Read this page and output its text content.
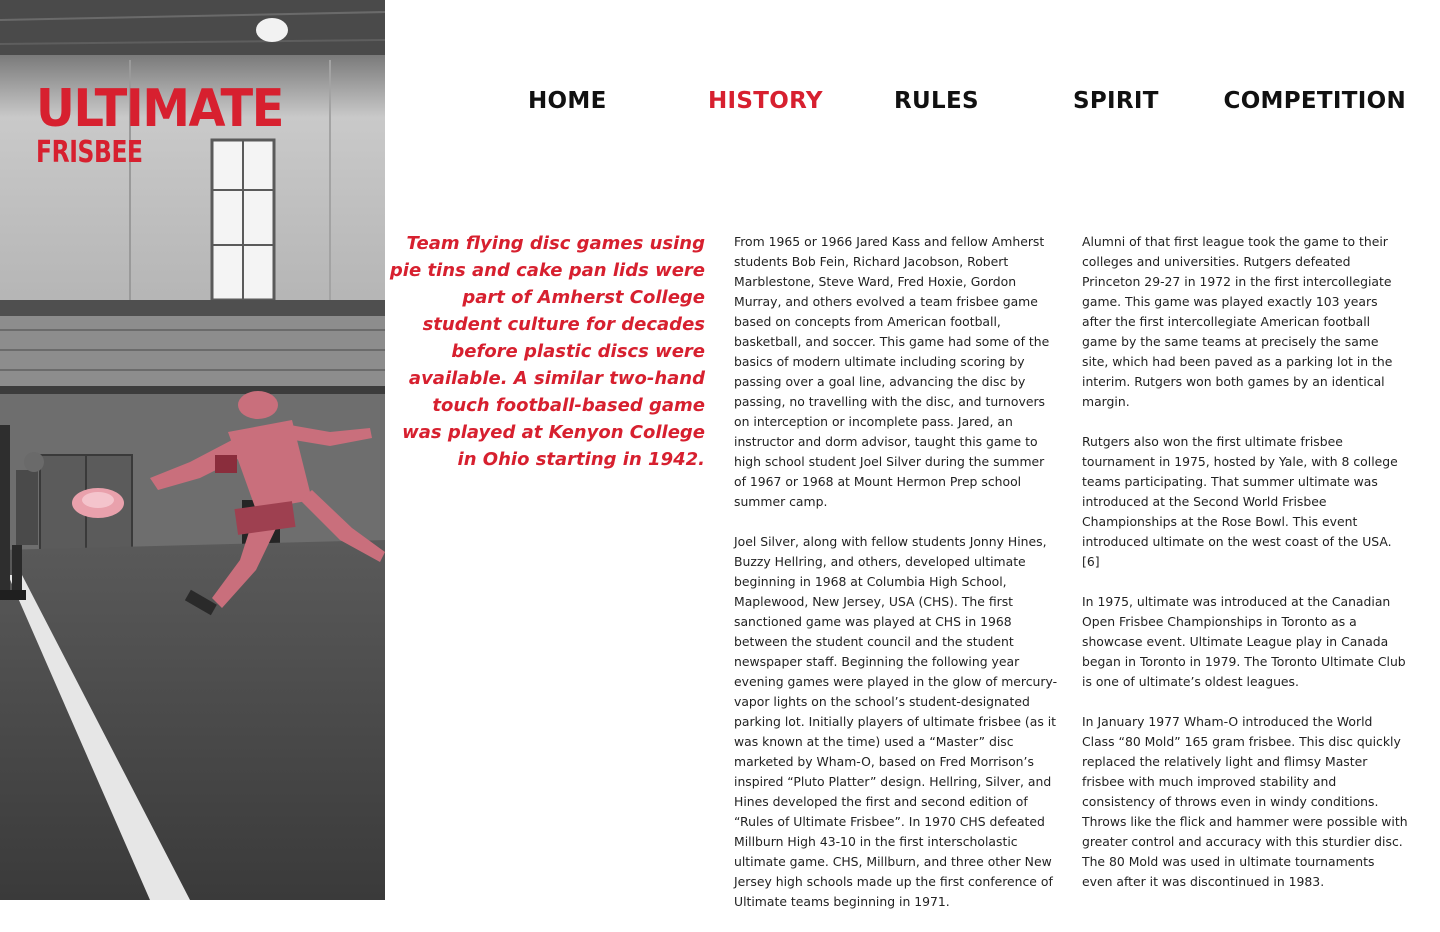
ULTIMATE
FRISBEE
HOME	HISTORY	RULES	SPIRIT	COMPETITION

Team flying disc games using pie tins and cake pan lids were part of Amherst College student culture for decades before plastic discs were available. A similar two-hand touch football-based game was played at Kenyon College in Ohio starting in 1942.

From 1965 or 1966 Jared Kass and fellow Amherst students Bob Fein, Richard Jacobson, Robert Marblestone, Steve Ward, Fred Hoxie, Gordon Murray, and others evolved a team frisbee game based on concepts from American football, basketball, and soccer. This game had some of the basics of modern ultimate including scoring by passing over a goal line, advancing the disc by passing, no travelling with the disc, and turnovers on interception or incomplete pass. Jared, an instructor and dorm advisor, taught this game to high school student Joel Silver during the summer of 1967 or 1968 at Mount Hermon Prep school summer camp.

Joel Silver, along with fellow students Jonny Hines, Buzzy Hellring, and others, developed ultimate beginning in 1968 at Columbia High School, Maplewood, New Jersey, USA (CHS). The first sanctioned game was played at CHS in 1968 between the student council and the student newspaper staff. Beginning the following year evening games were played in the glow of mercury-vapor lights on the school’s student-designated parking lot. Initially players of ultimate frisbee (as it was known at the time) used a “Master” disc marketed by Wham-O, based on Fred Morrison’s inspired “Pluto Platter” design. Hellring, Silver, and Hines developed the first and second edition of “Rules of Ultimate Frisbee”. In 1970 CHS defeated Millburn High 43-10 in the first interscholastic ultimate game. CHS, Millburn, and three other New Jersey high schools made up the first conference of Ultimate teams beginning in 1971.

Alumni of that first league took the game to their colleges and universities. Rutgers defeated Princeton 29-27 in 1972 in the first intercollegiate game. This game was played exactly 103 years after the first intercollegiate American football game by the same teams at precisely the same site, which had been paved as a parking lot in the interim. Rutgers won both games by an identical margin.

Rutgers also won the first ultimate frisbee tournament in 1975, hosted by Yale, with 8 college teams participating. That summer ultimate was introduced at the Second World Frisbee Championships at the Rose Bowl. This event introduced ultimate on the west coast of the USA.[6]

In 1975, ultimate was introduced at the Canadian Open Frisbee Championships in Toronto as a showcase event. Ultimate League play in Canada began in Toronto in 1979. The Toronto Ultimate Club is one of ultimate’s oldest leagues.

In January 1977 Wham-O introduced the World Class “80 Mold” 165 gram frisbee. This disc quickly replaced the relatively light and flimsy Master frisbee with much improved stability and consistency of throws even in windy conditions. Throws like the flick and hammer were possible with greater control and accuracy with this sturdier disc. The 80 Mold was used in ultimate tournaments even after it was discontinued in 1983.
